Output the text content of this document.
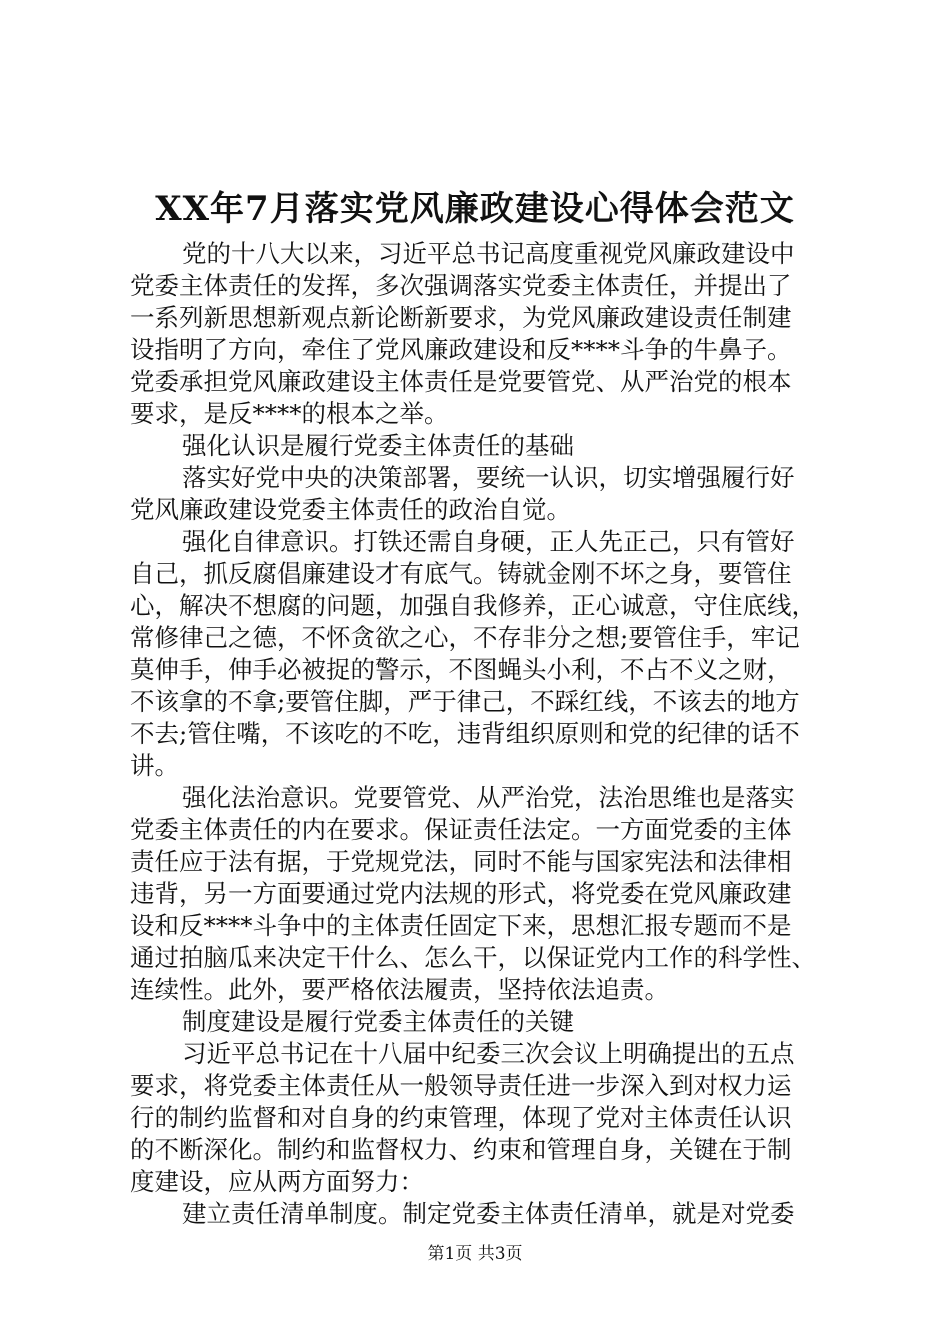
XX年7月落实党风廉政建设心得体会范文
党的十八大以来，习近平总书记高度重视党风廉政建设中
党委主体责任的发挥，多次强调落实党委主体责任，并提出了
一系列新思想新观点新论断新要求，为党风廉政建设责任制建
设指明了方向，牵住了党风廉政建设和反****斗争的牛鼻子。
党委承担党风廉政建设主体责任是党要管党、从严治党的根本
要求，是反****的根本之举。
强化认识是履行党委主体责任的基础
落实好党中央的决策部署，要统一认识，切实增强履行好
党风廉政建设党委主体责任的政治自觉。
强化自律意识。打铁还需自身硬，正人先正己，只有管好
自己，抓反腐倡廉建设才有底气。铸就金刚不坏之身，要管住
心，解决不想腐的问题，加强自我修养，正心诚意，守住底线，
常修律己之德，不怀贪欲之心，不存非分之想;要管住手，牢记
莫伸手，伸手必被捉的警示，不图蝇头小利，不占不义之财，
不该拿的不拿;要管住脚，严于律己，不踩红线，不该去的地方
不去;管住嘴，不该吃的不吃，违背组织原则和党的纪律的话不
讲。
强化法治意识。党要管党、从严治党，法治思维也是落实
党委主体责任的内在要求。保证责任法定。一方面党委的主体
责任应于法有据，于党规党法，同时不能与国家宪法和法律相
违背，另一方面要通过党内法规的形式，将党委在党风廉政建
设和反****斗争中的主体责任固定下来，思想汇报专题而不是
通过拍脑瓜来决定干什么、怎么干，以保证党内工作的科学性、
连续性。此外，要严格依法履责，坚持依法追责。
制度建设是履行党委主体责任的关键
习近平总书记在十八届中纪委三次会议上明确提出的五点
要求，将党委主体责任从一般领导责任进一步深入到对权力运
行的制约监督和对自身的约束管理，体现了党对主体责任认识
的不断深化。制约和监督权力、约束和管理自身，关键在于制
度建设，应从两方面努力：
建立责任清单制度。制定党委主体责任清单，就是对党委
第1页 共3页
